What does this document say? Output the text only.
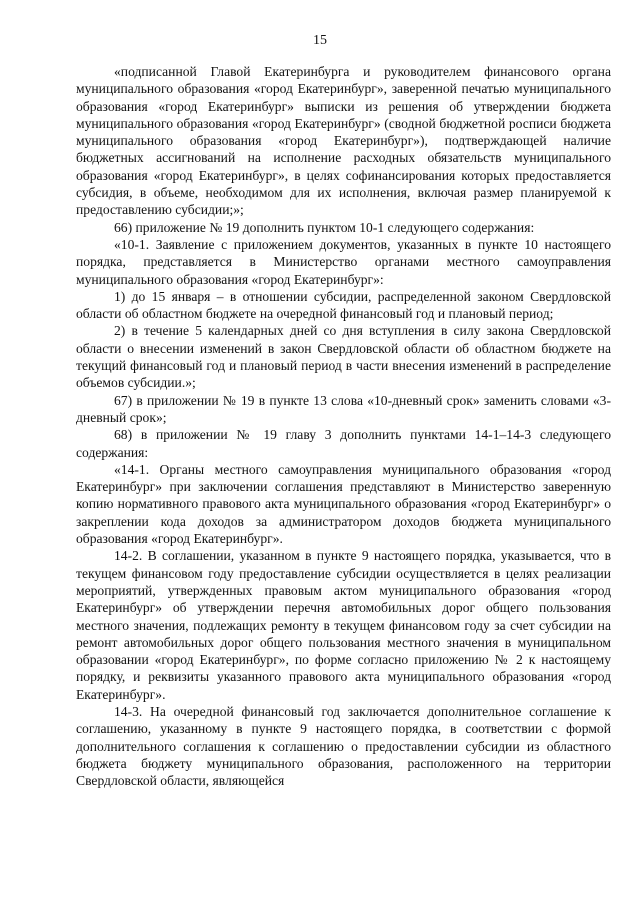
15

«подписанной Главой Екатеринбурга и руководителем финансового органа муниципального образования «город Екатеринбург», заверенной печатью муниципального образования «город Екатеринбург» выписки из решения об утверждении бюджета муниципального образования «город Екатеринбург» (сводной бюджетной росписи бюджета муниципального образования «город Екатеринбург»), подтверждающей наличие бюджетных ассигнований на исполнение расходных обязательств муниципального образования «город Екатеринбург», в целях софинансирования которых предоставляется субсидия, в объеме, необходимом для их исполнения, включая размер планируемой к предоставлению субсидии;»;

66) приложение № 19 дополнить пунктом 10-1 следующего содержания:

«10-1. Заявление с приложением документов, указанных в пункте 10 настоящего порядка, представляется в Министерство органами местного самоуправления муниципального образования «город Екатеринбург»:

1) до 15 января – в отношении субсидии, распределенной законом Свердловской области об областном бюджете на очередной финансовый год и плановый период;

2) в течение 5 календарных дней со дня вступления в силу закона Свердловской области о внесении изменений в закон Свердловской области об областном бюджете на текущий финансовый год и плановый период в части внесения изменений в распределение объемов субсидии.»;

67) в приложении № 19 в пункте 13 слова «10-дневный срок» заменить словами «3-дневный срок»;

68) в приложении № 19 главу 3 дополнить пунктами 14-1–14-3 следующего содержания:

«14-1. Органы местного самоуправления муниципального образования «город Екатеринбург» при заключении соглашения представляют в Министерство заверенную копию нормативного правового акта муниципального образования «город Екатеринбург» о закреплении кода доходов за администратором доходов бюджета муниципального образования «город Екатеринбург».

14-2. В соглашении, указанном в пункте 9 настоящего порядка, указывается, что в текущем финансовом году предоставление субсидии осуществляется в целях реализации мероприятий, утвержденных правовым актом муниципального образования «город Екатеринбург» об утверждении перечня автомобильных дорог общего пользования местного значения, подлежащих ремонту в текущем финансовом году за счет субсидии на ремонт автомобильных дорог общего пользования местного значения в муниципальном образовании «город Екатеринбург», по форме согласно приложению № 2 к настоящему порядку, и реквизиты указанного правового акта муниципального образования «город Екатеринбург».

14-3. На очередной финансовый год заключается дополнительное соглашение к соглашению, указанному в пункте 9 настоящего порядка, в соответствии с формой дополнительного соглашения к соглашению о предоставлении субсидии из областного бюджета бюджету муниципального образования, расположенного на территории Свердловской области, являющейся
